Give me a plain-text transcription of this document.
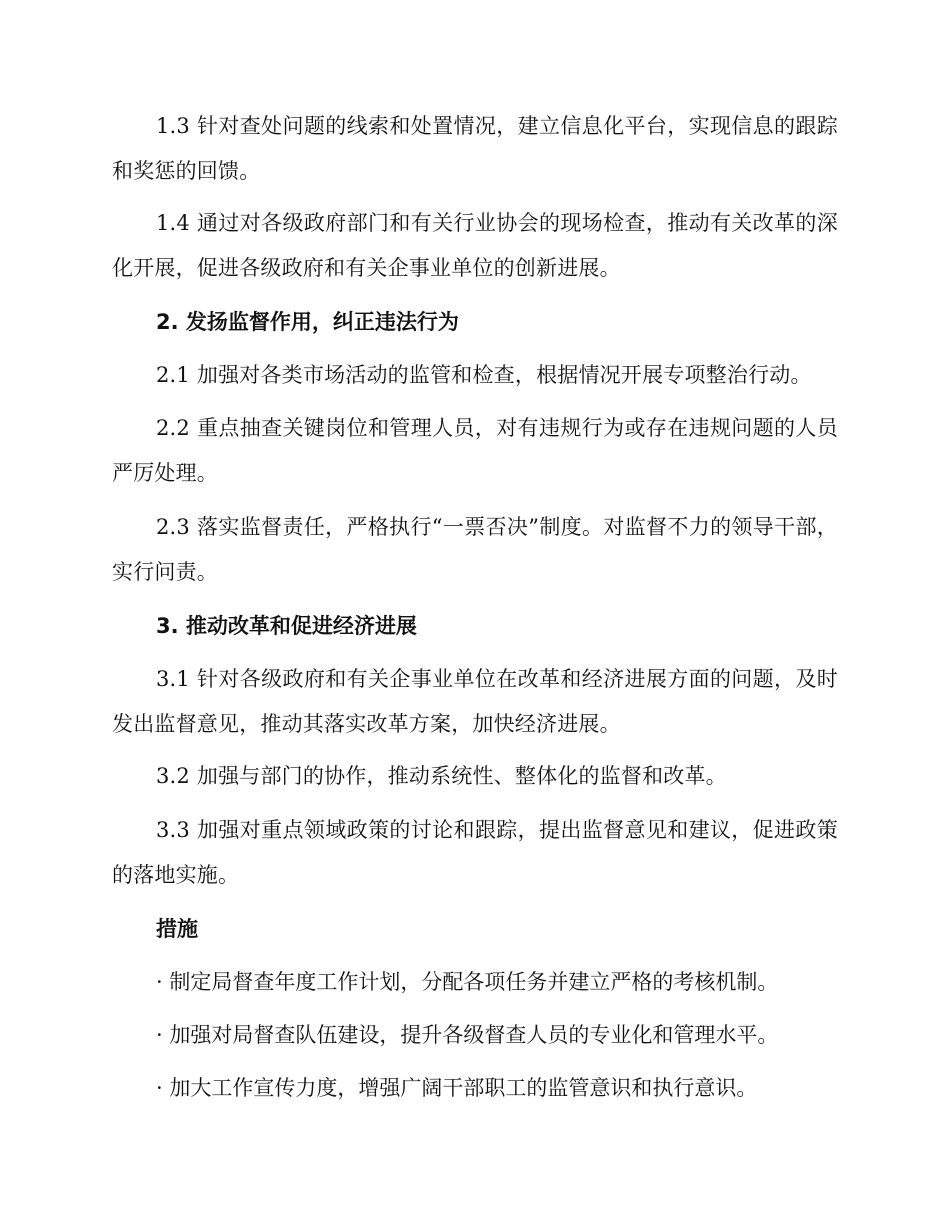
1.3 针对查处问题的线索和处置情况，建立信息化平台，实现信息的跟踪和奖惩的回馈。

1.4 通过对各级政府部门和有关行业协会的现场检查，推动有关改革的深化开展，促进各级政府和有关企事业单位的创新进展。

2. 发扬监督作用，纠正违法行为

2.1 加强对各类市场活动的监管和检查，根据情况开展专项整治行动。

2.2 重点抽查关键岗位和管理人员，对有违规行为或存在违规问题的人员严厉处理。

2.3 落实监督责任，严格执行“一票否决”制度。对监督不力的领导干部，实行问责。

3. 推动改革和促进经济进展

3.1 针对各级政府和有关企事业单位在改革和经济进展方面的问题，及时发出监督意见，推动其落实改革方案，加快经济进展。

3.2 加强与部门的协作，推动系统性、整体化的监督和改革。

3.3 加强对重点领域政策的讨论和跟踪，提出监督意见和建议，促进政策的落地实施。

措施

· 制定局督查年度工作计划，分配各项任务并建立严格的考核机制。

· 加强对局督查队伍建设，提升各级督查人员的专业化和管理水平。

· 加大工作宣传力度，增强广阔干部职工的监管意识和执行意识。
